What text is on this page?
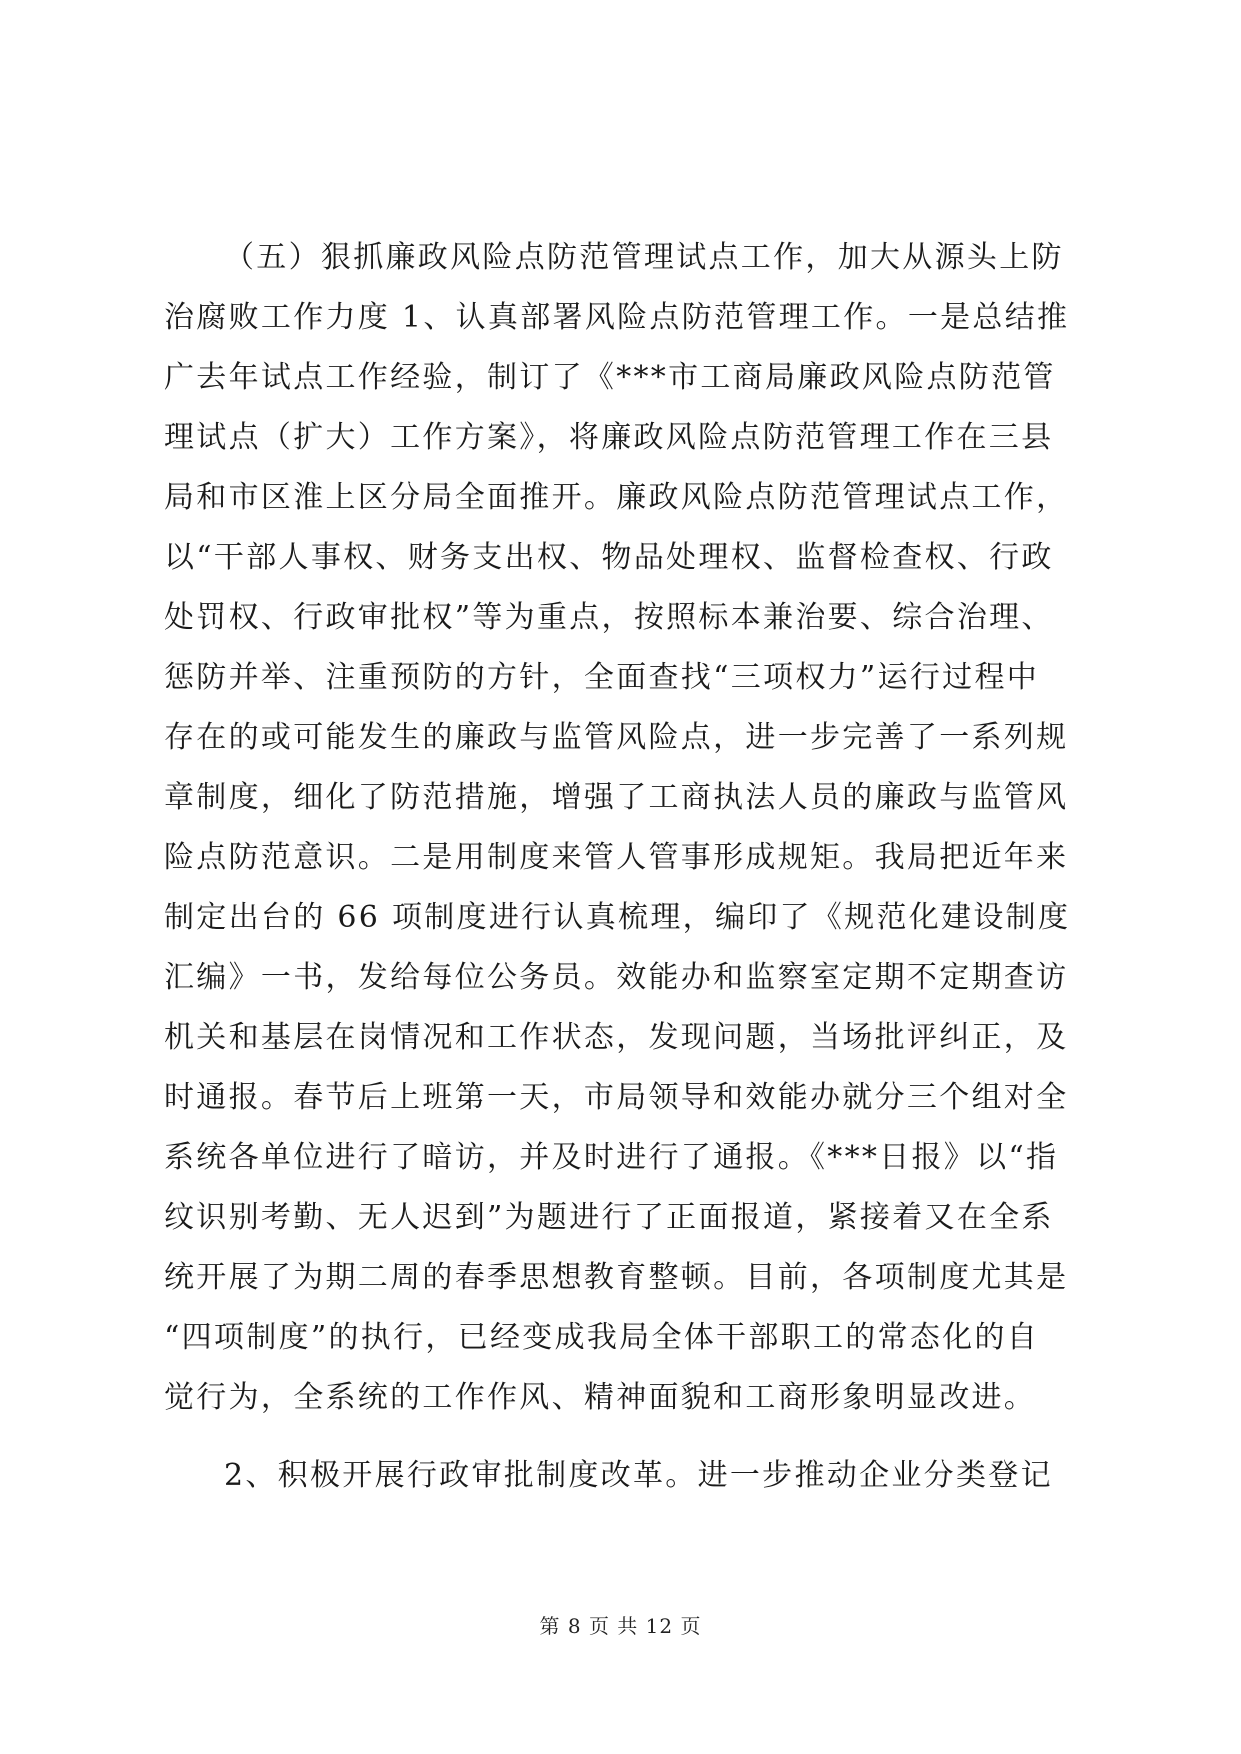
（五）狠抓廉政风险点防范管理试点工作，加大从源头上防
治腐败工作力度 1、认真部署风险点防范管理工作。一是总结推
广去年试点工作经验，制订了《***市工商局廉政风险点防范管
理试点（扩大）工作方案》，将廉政风险点防范管理工作在三县
局和市区淮上区分局全面推开。廉政风险点防范管理试点工作，
以“干部人事权、财务支出权、物品处理权、监督检查权、行政
处罚权、行政审批权”等为重点，按照标本兼治要、综合治理、
惩防并举、注重预防的方针，全面查找“三项权力”运行过程中
存在的或可能发生的廉政与监管风险点，进一步完善了一系列规
章制度，细化了防范措施，增强了工商执法人员的廉政与监管风
险点防范意识。二是用制度来管人管事形成规矩。我局把近年来
制定出台的 66 项制度进行认真梳理，编印了《规范化建设制度
汇编》一书，发给每位公务员。效能办和监察室定期不定期查访
机关和基层在岗情况和工作状态，发现问题，当场批评纠正，及
时通报。春节后上班第一天，市局领导和效能办就分三个组对全
系统各单位进行了暗访，并及时进行了通报。《***日报》以“指
纹识别考勤、无人迟到”为题进行了正面报道，紧接着又在全系
统开展了为期二周的春季思想教育整顿。目前，各项制度尤其是
“四项制度”的执行，已经变成我局全体干部职工的常态化的自
觉行为，全系统的工作作风、精神面貌和工商形象明显改进。
2、积极开展行政审批制度改革。进一步推动企业分类登记
第 8 页 共 12 页
